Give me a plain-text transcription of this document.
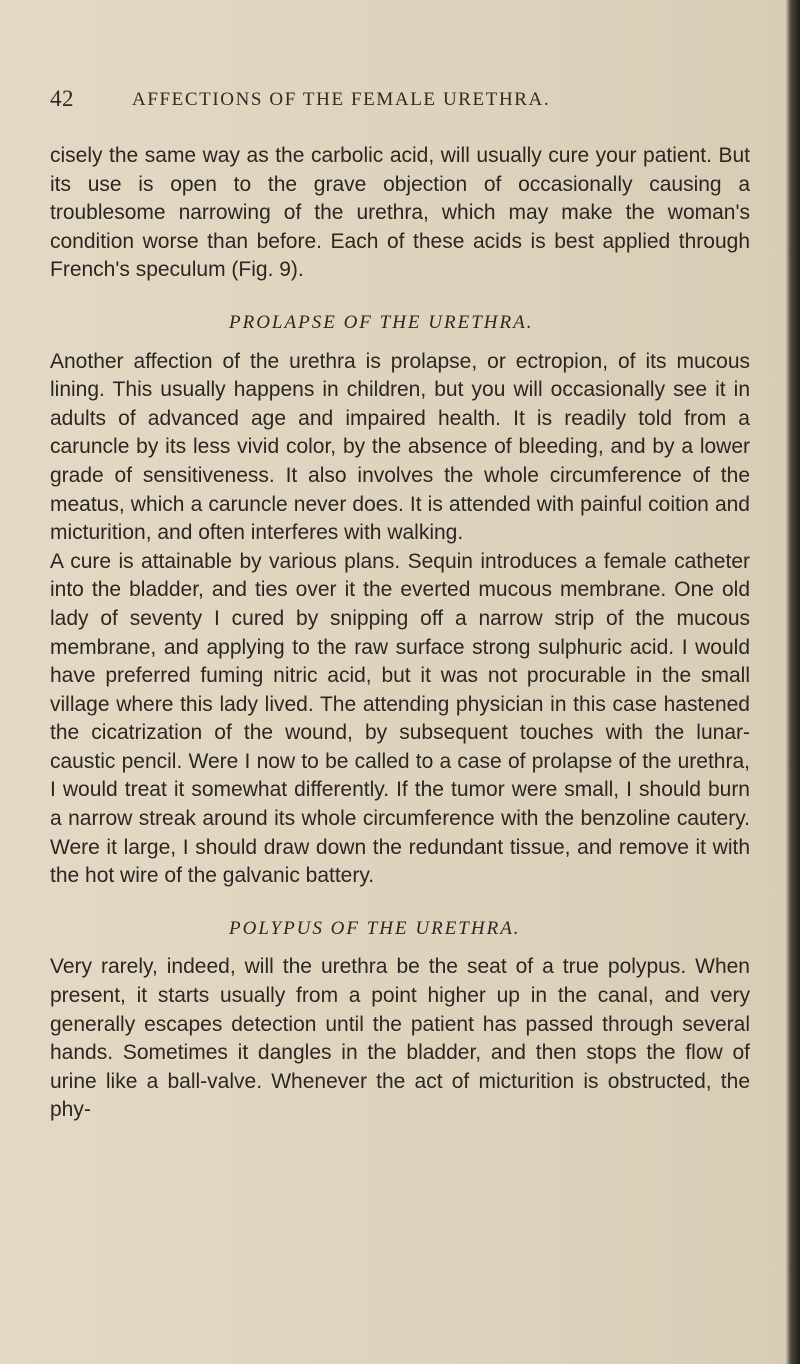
42	AFFECTIONS OF THE FEMALE URETHRA.

cisely the same way as the carbolic acid, will usually cure your patient. But its use is open to the grave objection of occasionally causing a troublesome narrowing of the urethra, which may make the woman's condition worse than before. Each of these acids is best applied through French's speculum (Fig. 9).

PROLAPSE OF THE URETHRA.

Another affection of the urethra is prolapse, or ectropion, of its mucous lining. This usually happens in children, but you will occasionally see it in adults of advanced age and impaired health. It is readily told from a caruncle by its less vivid color, by the absence of bleeding, and by a lower grade of sensitiveness. It also involves the whole circumference of the meatus, which a caruncle never does. It is attended with painful coition and micturition, and often interferes with walking.

A cure is attainable by various plans. Sequin introduces a female catheter into the bladder, and ties over it the everted mucous membrane. One old lady of seventy I cured by snipping off a narrow strip of the mucous membrane, and applying to the raw surface strong sulphuric acid. I would have preferred fuming nitric acid, but it was not procurable in the small village where this lady lived. The attending physician in this case hastened the cicatrization of the wound, by subsequent touches with the lunar-caustic pencil. Were I now to be called to a case of prolapse of the urethra, I would treat it somewhat differently. If the tumor were small, I should burn a narrow streak around its whole circumference with the benzoline cautery. Were it large, I should draw down the redundant tissue, and remove it with the hot wire of the galvanic battery.

POLYPUS OF THE URETHRA.

Very rarely, indeed, will the urethra be the seat of a true polypus. When present, it starts usually from a point higher up in the canal, and very generally escapes detection until the patient has passed through several hands. Sometimes it dangles in the bladder, and then stops the flow of urine like a ball-valve. Whenever the act of micturition is obstructed, the phy-
